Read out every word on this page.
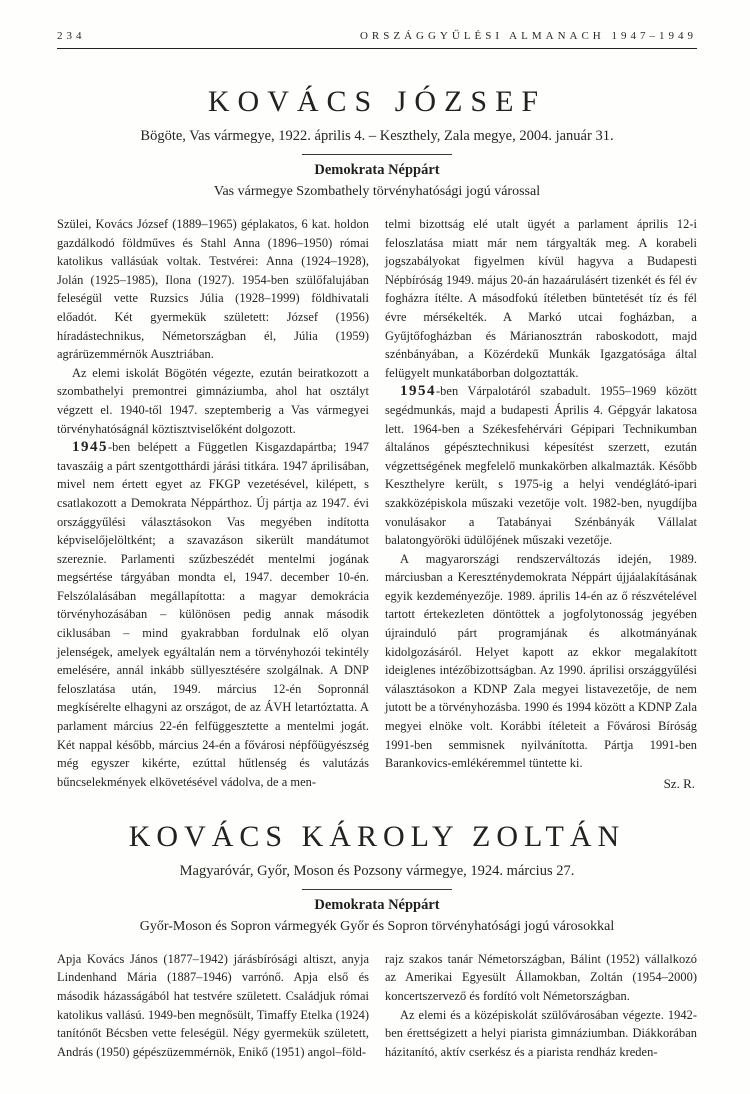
234	ORSZÁGGYŰLÉSI ALMANACH 1947–1949
KOVÁCS JÓZSEF
Bögöte, Vas vármegye, 1922. április 4. – Keszthely, Zala megye, 2004. január 31.
Demokrata Néppárt
Vas vármegye Szombathely törvényhatósági jogú várossal

Szülei, Kovács József (1889–1965) géplakatos, 6 kat. holdon gazdálkodó földműves és Stahl Anna (1896–1950) római katolikus vallásúak voltak. Testvérei: Anna (1924–1928), Jolán (1925–1985), Ilona (1927). 1954-ben szülőfalujában feleségül vette Ruzsics Júlia (1928–1999) földhivatali előadót. Két gyermekük született: József (1956) híradástechnikus, Németországban él, Júlia (1959) agrárüzemmérnök Ausztriában.

Az elemi iskolát Bögötén végezte, ezután beiratkozott a szombathelyi premontrei gimnáziumba, ahol hat osztályt végzett el. 1940-től 1947. szeptemberig a Vas vármegyei törvényhatóságnál köztisztviselőként dolgozott.

1945-ben belépett a Független Kisgazdapártba; 1947 tavaszáig a párt szentgotthárdi járási titkára. 1947 áprilisában, mivel nem értett egyet az FKGP vezetésével, kilépett, s csatlakozott a Demokrata Néppárthoz. Új pártja az 1947. évi országgyűlési választásokon Vas megyében indította képviselőjelöltként; a szavazáson sikerült mandátumot szereznie. Parlamenti szűzbeszédét mentelmi jogának megsértése tárgyában mondta el, 1947. december 10-én. Felszólalásában megállapította: a magyar demokrácia törvényhozásában – különösen pedig annak második ciklusában – mind gyakrabban fordulnak elő olyan jelenségek, amelyek egyáltalán nem a törvényhozói tekintély emelésére, annál inkább süllyesztésére szolgálnak. A DNP feloszlatása után, 1949. március 12-én Sopronnál megkísérelte elhagyni az országot, de az ÁVH letartóztatta. A parlament március 22-én felfüggesztette a mentelmi jogát. Két nappal később, március 24-én a fővárosi népfőügyészség még egyszer kikérte, ezúttal hűtlenség és valutázás bűncselekmények elkövetésével vádolva, de a men-

telmi bizottság elé utalt ügyét a parlament április 12-i feloszlatása miatt már nem tárgyalták meg. A korabeli jogszabályokat figyelmen kívül hagyva a Budapesti Népbíróság 1949. május 20-án hazaárulásért tizenkét és fél év fogházra ítélte. A másodfokú ítéletben büntetését tíz és fél évre mérsékelték. A Markó utcai fogházban, a Gyűjtőfogházban és Márianosztrán raboskodott, majd szénbányában, a Közérdekű Munkák Igazgatósága által felügyelt munkatáborban dolgoztatták.

1954-ben Várpalotáról szabadult. 1955–1969 között segédmunkás, majd a budapesti Április 4. Gépgyár lakatosa lett. 1964-ben a Székesfehérvári Gépipari Technikumban általános gépésztechnikusi képesítést szerzett, ezután végzettségének megfelelő munkakörben alkalmazták. Később Keszthelyre került, s 1975-ig a helyi vendéglátó-ipari szakközépiskola műszaki vezetője volt. 1982-ben, nyugdíjba vonulásakor a Tatabányai Szénbányák Vállalat balatongyöröki üdülőjének műszaki vezetője.

A magyarországi rendszerváltozás idején, 1989. márciusban a Kereszténydemokrata Néppárt újjáalakításának egyik kezdeményezője. 1989. április 14-én az ő részvételével tartott értekezleten döntöttek a jogfolytonosság jegyében újrainduló párt programjának és alkotmányának kidolgozásáról. Helyet kapott az ekkor megalakított ideiglenes intézőbizottságban. Az 1990. áprilisi országgyűlési választásokon a KDNP Zala megyei listavezetője, de nem jutott be a törvényhozásba. 1990 és 1994 között a KDNP Zala megyei elnöke volt. Korábbi ítéleteit a Fővárosi Bíróság 1991-ben semmisnek nyilvánította. Pártja 1991-ben Barankovics-emlékéremmel tüntette ki.

Sz. R.
KOVÁCS KÁROLY ZOLTÁN
Magyaróvár, Győr, Moson és Pozsony vármegye, 1924. március 27.
Demokrata Néppárt
Győr-Moson és Sopron vármegyék Győr és Sopron törvényhatósági jogú városokkal

Apja Kovács János (1877–1942) járásbírósági altiszt, anyja Lindenhand Mária (1887–1946) varrónő. Apja első és második házasságából hat testvére született. Családjuk római katolikus vallású. 1949-ben megnősült, Timaffy Etelka (1924) tanítónőt Bécsben vette feleségül. Négy gyermekük született, András (1950) gépészüzemmérnök, Enikő (1951) angol–föld-

rajz szakos tanár Németországban, Bálint (1952) vállalkozó az Amerikai Egyesült Államokban, Zoltán (1954–2000) koncertszervező és fordító volt Németországban.

Az elemi és a középiskolát szülővárosában végezte. 1942-ben érettségizett a helyi piarista gimnáziumban. Diákkorában házitanító, aktív cserkész és a piarista rendház kreden-
